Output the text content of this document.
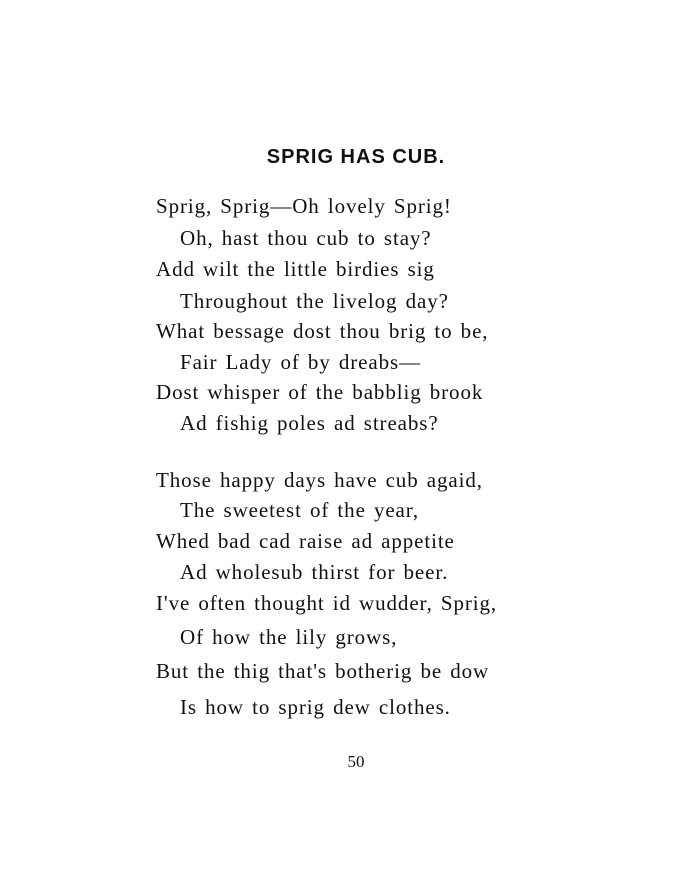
SPRIG HAS CUB.
Sprig, Sprig—Oh lovely Sprig!
Oh, hast thou cub to stay?
Add wilt the little birdies sig
Throughout the livelog day?
What bessage dost thou brig to be,
Fair Lady of by dreabs—
Dost whisper of the babblig brook
Ad fishig poles ad streabs?
Those happy days have cub agaid,
The sweetest of the year,
Whed bad cad raise ad appetite
Ad wholesub thirst for beer.
I've often thought id wudder, Sprig,
Of how the lily grows,
But the thig that's botherig be dow
Is how to sprig dew clothes.
50
